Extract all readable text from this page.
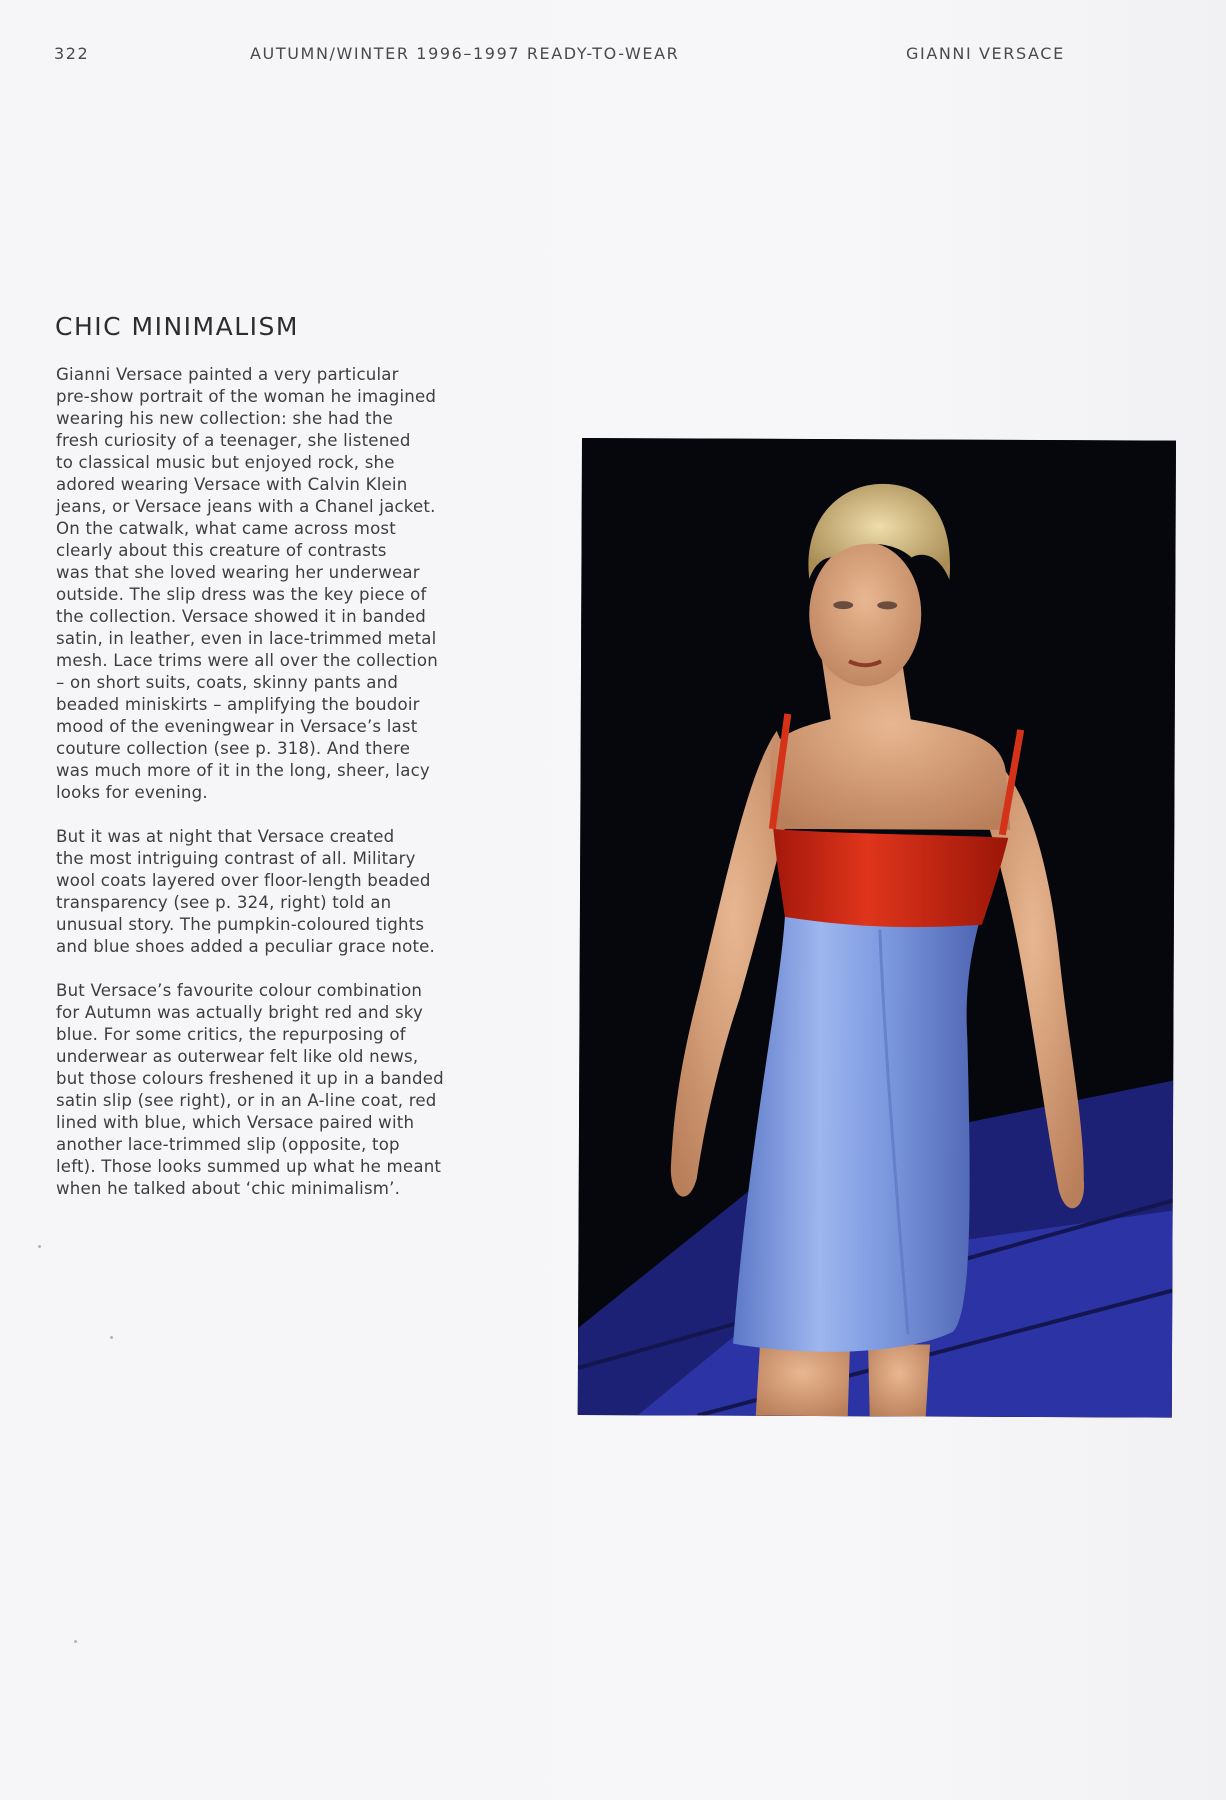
322	AUTUMN/WINTER 1996–1997 READY-TO-WEAR	GIANNI VERSACE
CHIC MINIMALISM

Gianni Versace painted a very particular
pre-show portrait of the woman he imagined
wearing his new collection: she had the
fresh curiosity of a teenager, she listened
to classical music but enjoyed rock, she
adored wearing Versace with Calvin Klein
jeans, or Versace jeans with a Chanel jacket.
On the catwalk, what came across most
clearly about this creature of contrasts
was that she loved wearing her underwear
outside. The slip dress was the key piece of
the collection. Versace showed it in banded
satin, in leather, even in lace-trimmed metal
mesh. Lace trims were all over the collection
– on short suits, coats, skinny pants and
beaded miniskirts – amplifying the boudoir
mood of the eveningwear in Versace’s last
couture collection (see p. 318). And there
was much more of it in the long, sheer, lacy
looks for evening.

But it was at night that Versace created
the most intriguing contrast of all. Military
wool coats layered over floor-length beaded
transparency (see p. 324, right) told an
unusual story. The pumpkin-coloured tights
and blue shoes added a peculiar grace note.

But Versace’s favourite colour combination
for Autumn was actually bright red and sky
blue. For some critics, the repurposing of
underwear as outerwear felt like old news,
but those colours freshened it up in a banded
satin slip (see right), or in an A-line coat, red
lined with blue, which Versace paired with
another lace-trimmed slip (opposite, top
left). Those looks summed up what he meant
when he talked about ‘chic minimalism’.
